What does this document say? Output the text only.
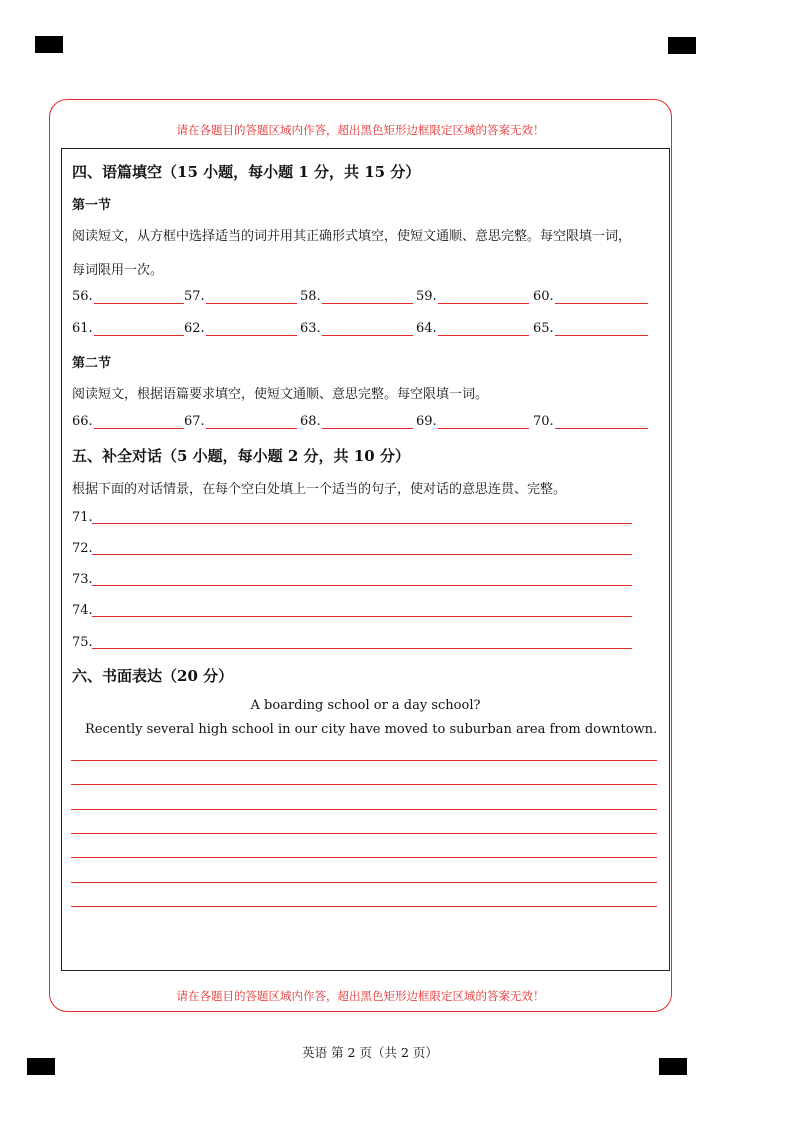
请在各题目的答题区域内作答，超出黑色矩形边框限定区域的答案无效！
请在各题目的答题区域内作答，超出黑色矩形边框限定区域的答案无效！
四、语篇填空（15 小题，每小题 1 分，共 15 分）
第一节
阅读短文，从方框中选择适当的词并用其正确形式填空，使短文通顺、意思完整。每空限填一词，
每词限用一次。
56.	57.	58.	59.	60.
61.	62.	63.	64.	65.
第二节
阅读短文，根据语篇要求填空，使短文通顺、意思完整。每空限填一词。
66.	67.	68.	69.	70.
五、补全对话（5 小题，每小题 2 分，共 10 分）
根据下面的对话情景，在每个空白处填上一个适当的句子，使对话的意思连贯、完整。
71.
72.
73.
74.
75.
六、书面表达（20 分）
A boarding school or a day school?
Recently several high school in our city have moved to suburban area from downtown.
英语 第 2 页（共 2 页）
